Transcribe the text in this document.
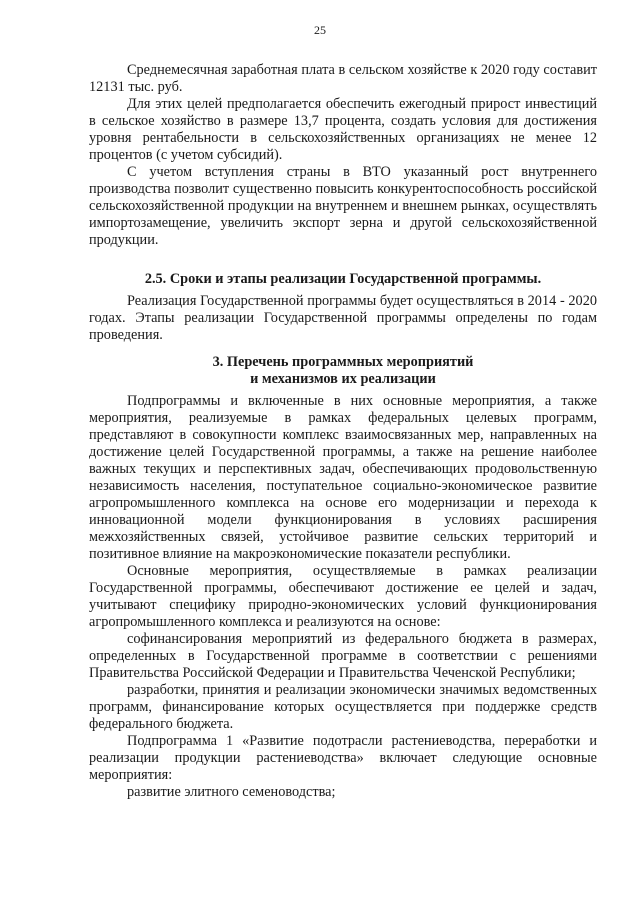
25

Среднемесячная заработная плата в сельском хозяйстве к 2020 году составит 12131 тыс. руб.

Для этих целей предполагается обеспечить ежегодный прирост инвестиций в сельское хозяйство в размере 13,7 процента, создать условия для достижения уровня рентабельности в сельскохозяйственных организациях не менее 12 процентов (с учетом субсидий).

С учетом вступления страны в ВТО указанный рост внутреннего производства позволит существенно повысить конкурентоспособность российской сельскохозяйственной продукции на внутреннем и внешнем рынках, осуществлять импортозамещение, увеличить экспорт зерна и другой сельскохозяйственной продукции.

2.5. Сроки и этапы реализации Государственной программы.

Реализация Государственной программы будет осуществляться в 2014 - 2020 годах. Этапы реализации Государственной программы определены по годам проведения.

3. Перечень программных мероприятий
и механизмов их реализации

Подпрограммы и включенные в них основные мероприятия, а также мероприятия, реализуемые в рамках федеральных целевых программ, представляют в совокупности комплекс взаимосвязанных мер, направленных на достижение целей Государственной программы, а также на решение наиболее важных текущих и перспективных задач, обеспечивающих продовольственную независимость населения, поступательное социально-экономическое развитие агропромышленного комплекса на основе его модернизации и перехода к инновационной модели функционирования в условиях расширения межхозяйственных связей, устойчивое развитие сельских территорий и позитивное влияние на макроэкономические показатели республики.

Основные мероприятия, осуществляемые в рамках реализации Государственной программы, обеспечивают достижение ее целей и задач, учитывают специфику природно-экономических условий функционирования агропромышленного комплекса и реализуются на основе:

софинансирования мероприятий из федерального бюджета в размерах, определенных в Государственной программе в соответствии с решениями Правительства Российской Федерации и Правительства Чеченской Республики;

разработки, принятия и реализации экономически значимых ведомственных программ, финансирование которых осуществляется при поддержке средств федерального бюджета.

Подпрограмма 1 «Развитие подотрасли растениеводства, переработки и реализации продукции растениеводства» включает следующие основные мероприятия:

развитие элитного семеноводства;
